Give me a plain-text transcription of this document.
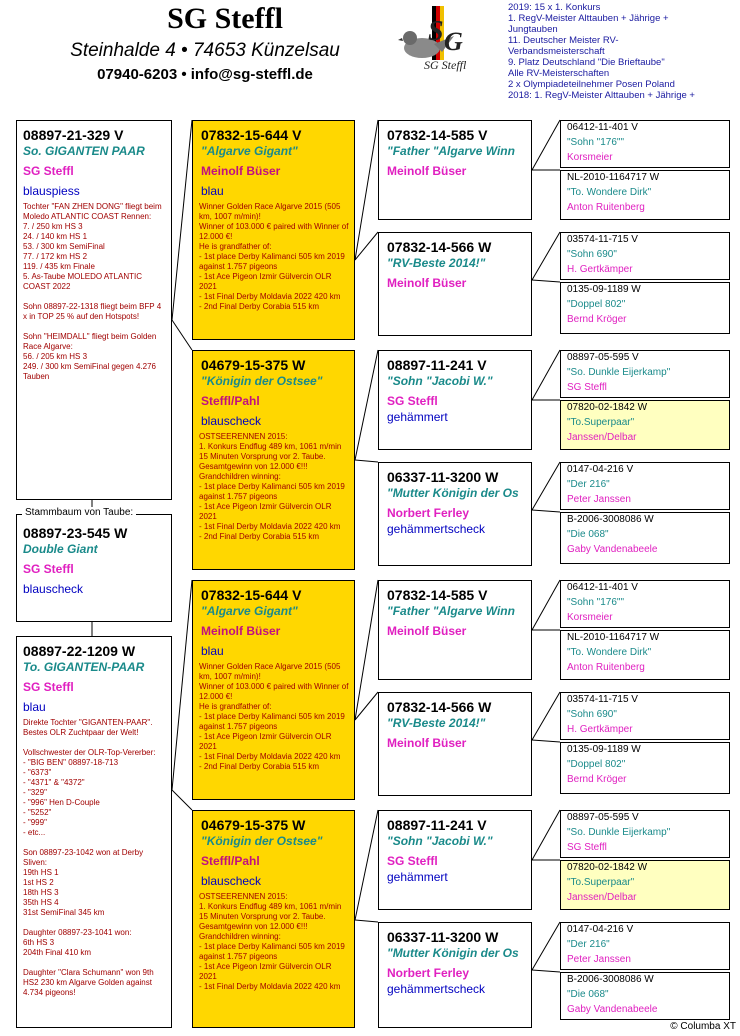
SG Steffl
Steinhalde 4 • 74653 Künzelsau
07940-6203 • info@sg-steffl.de
S G
SG Steffl
2019: 15 x 1. Konkurs
1. RegV-Meister Alttauben + Jährige +
Jungtauben
11. Deutscher Meister RV-
Verbandsmeisterschaft
9. Platz Deutschland "Die Brieftaube"
Alle RV-Meisterschaften
2 x Olympiadeteilnehmer Posen Poland
2018: 1. RegV-Meister Alttauben + Jährige +
08897-21-329 V
So. GIGANTEN PAAR
SG Steffl
blauspiess
Tochter "FAN ZHEN DONG" fliegt beim Moledo ATLANTIC COAST Rennen:
7. / 250 km HS 3
24. / 140 km HS 1
53. / 300 km SemiFinal
77. / 172 km HS 2
119. / 435 km Finale
5. As-Taube MOLEDO ATLANTIC COAST 2022

Sohn 08897-22-1318 fliegt beim BFP 4 x in TOP 25 % auf den Hotspots!

Sohn "HEIMDALL" fliegt beim Golden Race Algarve:
56. / 205 km HS 3
249. / 300 km SemiFinal gegen 4.276 Tauben
08897-23-545 W
Double Giant
SG Steffl
blauscheck
Stammbaum von Taube:
08897-22-1209 W
To. GIGANTEN-PAAR
SG Steffl
blau
Direkte Tochter "GIGANTEN-PAAR". Bestes OLR Zuchtpaar der Welt!

Vollschwester der OLR-Top-Vererber:
- "BIG BEN" 08897-18-713
- "6373"
- "4371" & "4372"
- "329"
- "996" Hen D-Couple
- "5252"
- "999"
- etc...

Son 08897-23-1042 won at Derby Sliven:
19th HS 1
1st HS 2
18th HS 3
35th HS 4
31st SemiFinal 345 km

Daughter 08897-23-1041 won:
6th HS 3
204th Final 410 km

Daughter "Clara Schumann" won 9th HS2 230 km Algarve Golden against 4.734 pigeons!
07832-15-644 V
"Algarve Gigant"
Meinolf Büser
blau
Winner Golden Race Algarve 2015 (505 km, 1007 m/min)!
Winner of 103.000 € paired with Winner of 12.000 €!
He is grandfather of:
- 1st place Derby Kalimanci 505 km 2019 against 1.757 pigeons
- 1st Ace Pigeon Izmir Gülvercin OLR 2021
- 1st Final Derby Moldavia 2022 420 km
- 2nd Final Derby Corabia 515 km
04679-15-375 W
"Königin der Ostsee"
Steffl/Pahl
blauscheck
OSTSEERENNEN 2015:
1. Konkurs Endflug 489 km, 1061 m/min 15 Minuten Vorsprung vor 2. Taube. Gesamtgewinn von 12.000 €!!!
Grandchildren winning:
- 1st place Derby Kalimanci 505 km 2019 against 1.757 pigeons
- 1st Ace Pigeon Izmir Gülvercin OLR 2021
- 1st Final Derby Moldavia 2022 420 km
- 2nd Final Derby Corabia 515 km
07832-15-644 V
"Algarve Gigant"
Meinolf Büser
blau
Winner Golden Race Algarve 2015 (505 km, 1007 m/min)!
Winner of 103.000 € paired with Winner of 12.000 €!
He is grandfather of:
- 1st place Derby Kalimanci 505 km 2019 against 1.757 pigeons
- 1st Ace Pigeon Izmir Gülvercin OLR 2021
- 1st Final Derby Moldavia 2022 420 km
- 2nd Final Derby Corabia 515 km
04679-15-375 W
"Königin der Ostsee"
Steffl/Pahl
blauscheck
OSTSEERENNEN 2015:
1. Konkurs Endflug 489 km, 1061 m/min 15 Minuten Vorsprung vor 2. Taube. Gesamtgewinn von 12.000 €!!!
Grandchildren winning:
- 1st place Derby Kalimanci 505 km 2019 against 1.757 pigeons
- 1st Ace Pigeon Izmir Gülvercin OLR 2021
- 1st Final Derby Moldavia 2022 420 km
07832-14-585 V
"Father "Algarve Winn
Meinolf Büser
07832-14-566 W
"RV-Beste 2014!"
Meinolf Büser
08897-11-241 V
"Sohn "Jacobi W."
SG Steffl
gehämmert
06337-11-3200 W
"Mutter Königin der Os
Norbert Ferley
gehämmertscheck
07832-14-585 V
"Father "Algarve Winn
Meinolf Büser
07832-14-566 W
"RV-Beste 2014!"
Meinolf Büser
08897-11-241 V
"Sohn "Jacobi W."
SG Steffl
gehämmert
06337-11-3200 W
"Mutter Königin der Os
Norbert Ferley
gehämmertscheck
06412-11-401 V
"Sohn "176""
Korsmeier
NL-2010-1164717 W
"To. Wondere Dirk"
Anton Ruitenberg
03574-11-715 V
"Sohn 690"
H. Gertkämper
0135-09-1189 W
"Doppel 802"
Bernd Kröger
08897-05-595 V
"So. Dunkle Eijerkamp"
SG Steffl
07820-02-1842 W
"To.Superpaar"
Janssen/Delbar
0147-04-216 V
"Der 216"
Peter Janssen
B-2006-3008086 W
"Die 068"
Gaby Vandenabeele
06412-11-401 V
"Sohn "176""
Korsmeier
NL-2010-1164717 W
"To. Wondere Dirk"
Anton Ruitenberg
03574-11-715 V
"Sohn 690"
H. Gertkämper
0135-09-1189 W
"Doppel 802"
Bernd Kröger
08897-05-595 V
"So. Dunkle Eijerkamp"
SG Steffl
07820-02-1842 W
"To.Superpaar"
Janssen/Delbar
0147-04-216 V
"Der 216"
Peter Janssen
B-2006-3008086 W
"Die 068"
Gaby Vandenabeele
© Columba XT
